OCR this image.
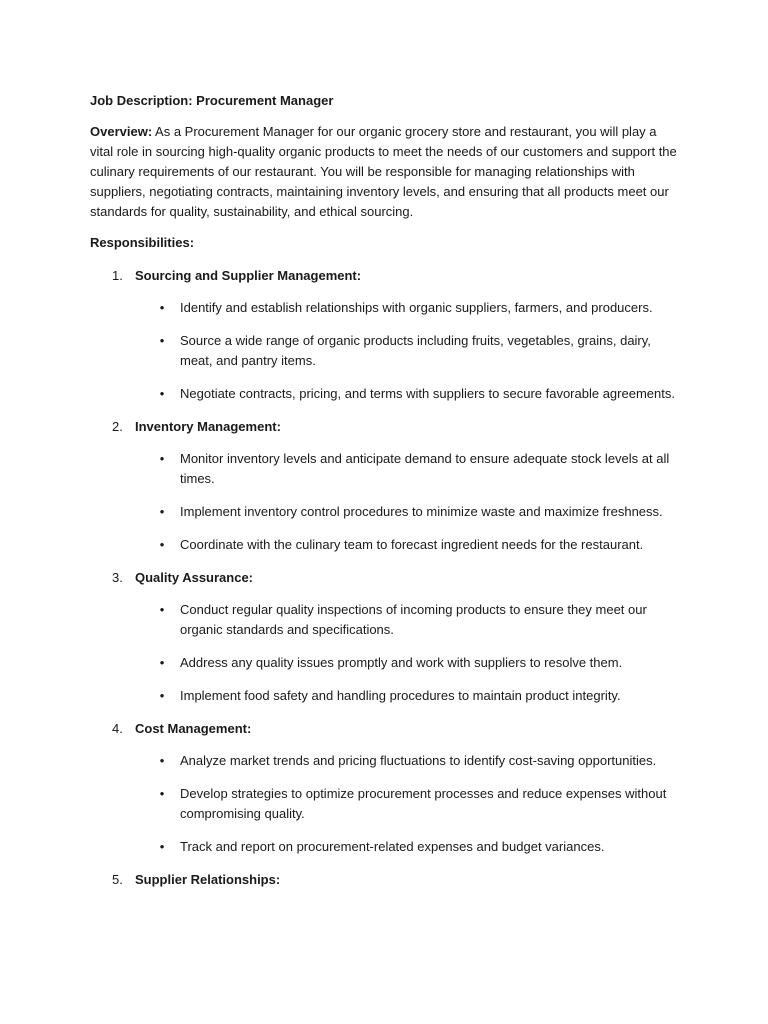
Job Description: Procurement Manager

Overview: As a Procurement Manager for our organic grocery store and restaurant, you will play a vital role in sourcing high-quality organic products to meet the needs of our customers and support the culinary requirements of our restaurant. You will be responsible for managing relationships with suppliers, negotiating contracts, maintaining inventory levels, and ensuring that all products meet our standards for quality, sustainability, and ethical sourcing.

Responsibilities:
1. Sourcing and Supplier Management:
• Identify and establish relationships with organic suppliers, farmers, and producers.
• Source a wide range of organic products including fruits, vegetables, grains, dairy, meat, and pantry items.
• Negotiate contracts, pricing, and terms with suppliers to secure favorable agreements.
2. Inventory Management:
• Monitor inventory levels and anticipate demand to ensure adequate stock levels at all times.
• Implement inventory control procedures to minimize waste and maximize freshness.
• Coordinate with the culinary team to forecast ingredient needs for the restaurant.
3. Quality Assurance:
• Conduct regular quality inspections of incoming products to ensure they meet our organic standards and specifications.
• Address any quality issues promptly and work with suppliers to resolve them.
• Implement food safety and handling procedures to maintain product integrity.
4. Cost Management:
• Analyze market trends and pricing fluctuations to identify cost-saving opportunities.
• Develop strategies to optimize procurement processes and reduce expenses without compromising quality.
• Track and report on procurement-related expenses and budget variances.
5. Supplier Relationships:
